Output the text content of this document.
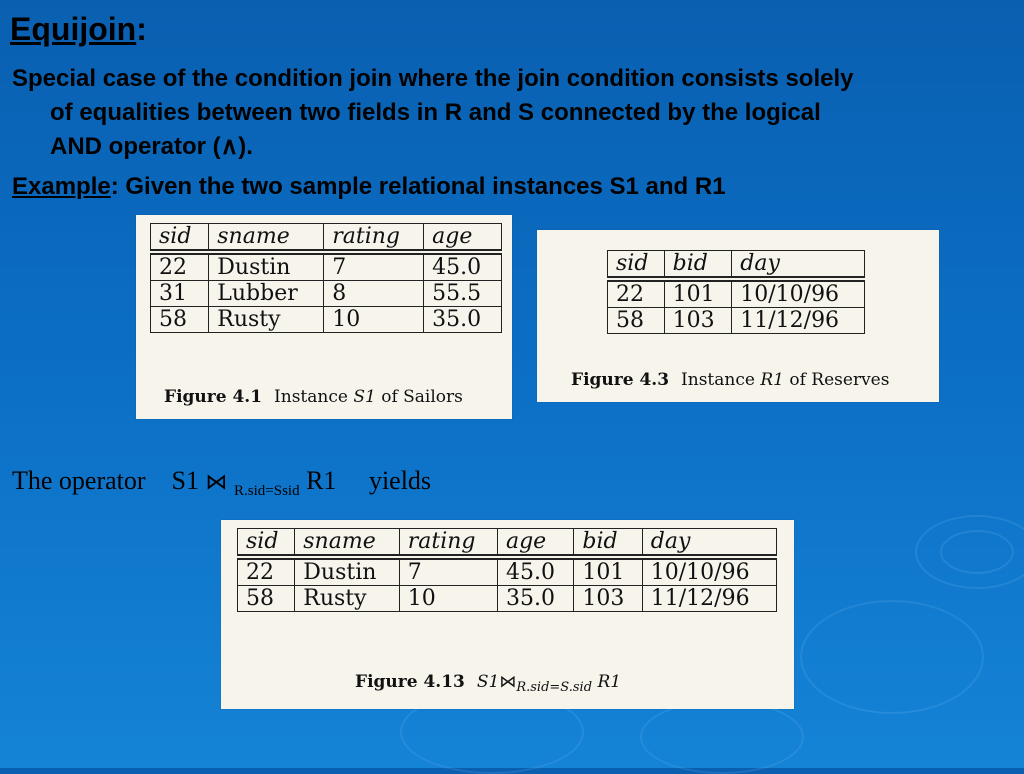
Equijoin:
Special case of the condition join where the join condition consists solely
of equalities between two fields in R and S connected by the logical
AND operator (∧).
Example: Given the two sample relational instances S1 and R1
sid	sname	rating	age
22	Dustin	7	45.0
31	Lubber	8	55.5
58	Rusty	10	35.0
Figure 4.1 Instance S1 of Sailors
sid	bid	day
22	101	10/10/96
58	103	11/12/96
Figure 4.3 Instance R1 of Reserves
The operator S1 ⋈ $_{R.sid=Ssid}$ R1 yields
sid	sname	rating	age	bid	day
22	Dustin	7	45.0	101	10/10/96
58	Rusty	10	35.0	103	11/12/96
Figure 4.13 $S1⋈_{R.sid=S.sid}$ R1
